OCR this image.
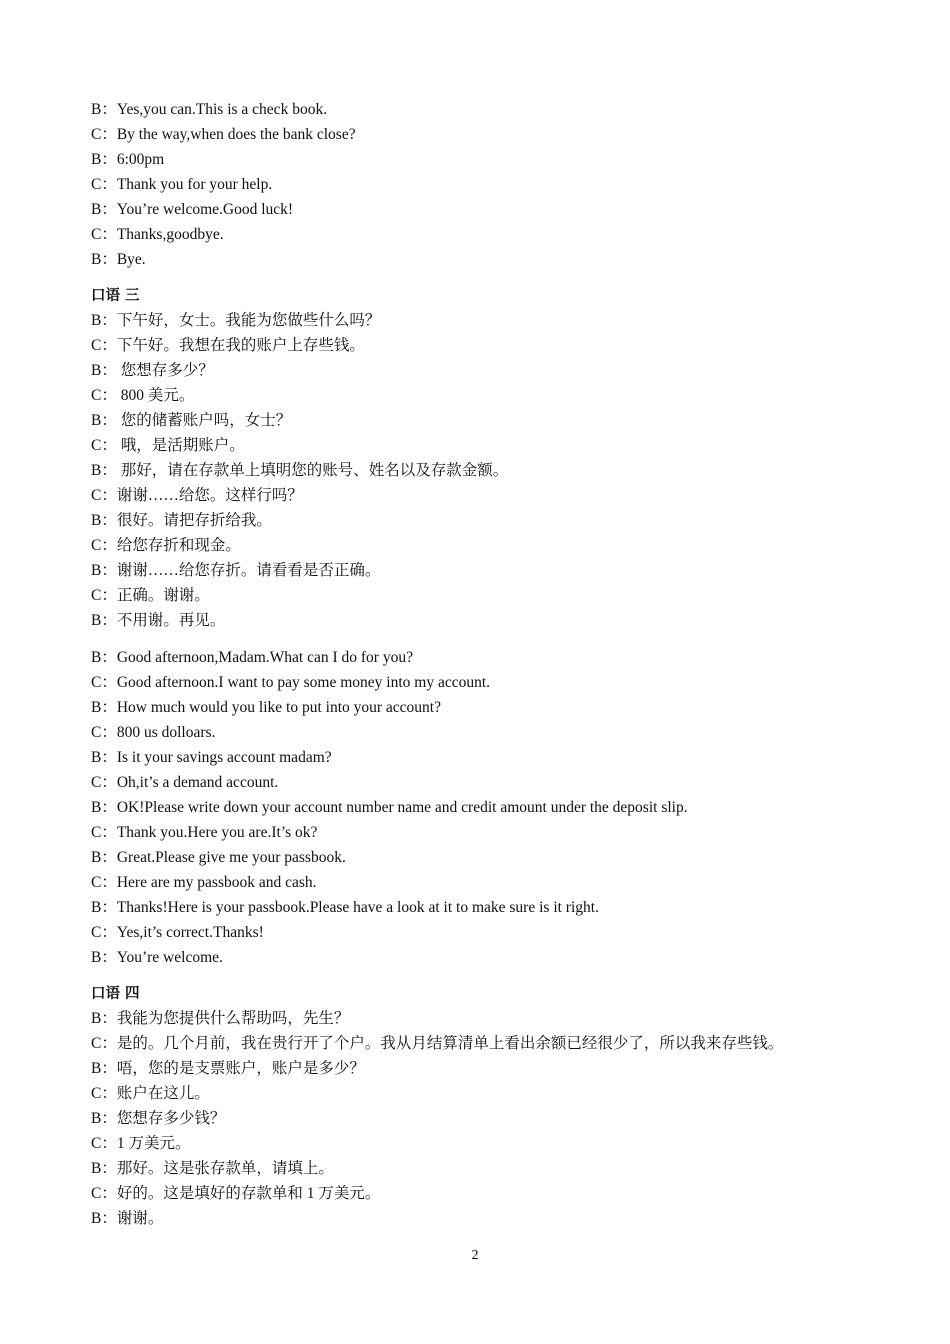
B：Yes,you can.This is a check book.
C：By the way,when does the bank close?
B：6:00pm
C：Thank you for your help.
B：You’re welcome.Good luck!
C：Thanks,goodbye.
B：Bye.
口语 三
B：下午好，女士。我能为您做些什么吗？
C：下午好。我想在我的账户上存些钱。
B： 您想存多少？
C： 800 美元。
B： 您的储蓄账户吗，女士？
C： 哦，是活期账户。
B： 那好，请在存款单上填明您的账号、姓名以及存款金额。
C：谢谢……给您。这样行吗？
B：很好。请把存折给我。
C：给您存折和现金。
B：谢谢……给您存折。请看看是否正确。
C：正确。谢谢。
B：不用谢。再见。
B：Good afternoon,Madam.What can I do for you?
C：Good afternoon.I want to pay some money into my account.
B：How much would you like to put into your account?
C：800 us dolloars.
B：Is it your savings account madam?
C：Oh,it’s a demand account.
B：OK!Please write down your account number name and credit amount under the deposit slip.
C：Thank you.Here you are.It’s ok?
B：Great.Please give me your passbook.
C：Here are my passbook and cash.
B：Thanks!Here is your passbook.Please have a look at it to make sure is it right.
C：Yes,it’s correct.Thanks!
B：You’re welcome.
口语 四
B：我能为您提供什么帮助吗，先生？
C：是的。几个月前，我在贵行开了个户。我从月结算清单上看出余额已经很少了，所以我来存些钱。
B：唔，您的是支票账户，账户是多少？
C：账户在这儿。
B：您想存多少钱？
C：1 万美元。
B：那好。这是张存款单，请填上。
C：好的。这是填好的存款单和 1 万美元。
B：谢谢。
2
